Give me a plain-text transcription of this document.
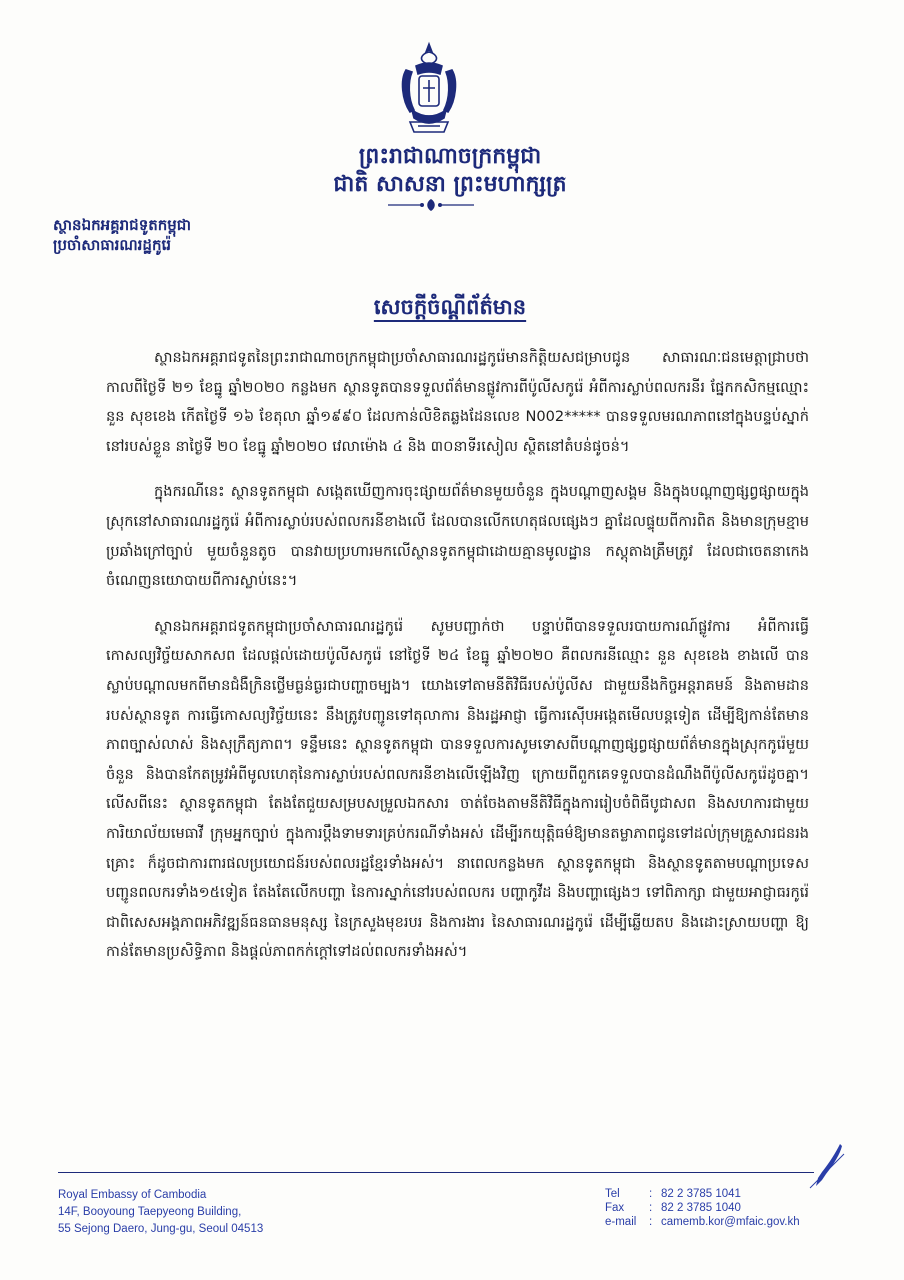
ព្រះរាជាណាចក្រកម្ពុជា
ជាតិ សាសនា ព្រះមហាក្សត្រ
ស្ថានឯកអគ្គរាជទូតកម្ពុជា
ប្រចាំសាធារណរដ្ឋកូរ៉េ
សេចក្ដីចំណ្ដីព័ត៌មាន

ស្ថានឯកអគ្គរាជទូតនៃព្រះរាជាណាចក្រកម្ពុជាប្រចាំសាធារណរដ្ឋកូរ៉េមានកិត្តិយសជម្រាបជូន សាធារណៈជនមេត្តាជ្រាបថា កាលពីថ្ងៃទី ២១ ខែធ្នូ ឆ្នាំ២០២០ កន្លងមក ស្ថានទូតបានទទួលព័ត៌មានផ្លូវការពីប៉ូលីសកូរ៉េ អំពីការស្លាប់ពលករនីរ ផ្នែកកសិកម្មឈ្មោះ នួន សុខខេង កើតថ្ងៃទី ១៦ ខែតុលា ឆ្នាំ១៩៩០ ដែលកាន់លិខិតឆ្លងដែនលេខ N002***** បានទទួលមរណភាពនៅក្នុងបន្ទប់ស្នាក់នៅរបស់ខ្លួន នាថ្ងៃទី ២០ ខែធ្នូ ឆ្នាំ២០២០ វេលាម៉ោង ៤ និង ៣០នាទីរសៀល ស្ថិតនៅតំបន់ផូចន់។

ក្នុងករណីនេះ ស្ថានទូតកម្ពុជា សង្កេតឃើញការចុះផ្សាយព័ត៌មានមួយចំនួន ក្នុងបណ្ដាញសង្គម និងក្នុងបណ្ដាញផ្សព្វផ្សាយក្នុងស្រុកនៅសាធារណរដ្ឋកូរ៉េ អំពីការស្លាប់របស់ពលករនីខាងលើ ដែលបានលើកហេតុផលផ្សេងៗ គ្នាដែលផ្ទុយពីការពិត និងមានក្រុមខ្មាមប្រឆាំងក្រៅច្បាប់ មួយចំនួនតូច បានវាយប្រហារមកលើស្ថានទូតកម្ពុជាដោយគ្មានមូលដ្ឋាន កស្តុតាងត្រឹមត្រូវ ដែលជាចេតនាកេងចំណេញនយោបាយពីការស្លាប់នេះ។

ស្ថានឯកអគ្គរាជទូតកម្ពុជាប្រចាំសាធារណរដ្ឋកូរ៉េ សូមបញ្ជាក់ថា បន្ទាប់ពីបានទទួលរបាយការណ៍ផ្លូវការ អំពីការធ្វើកោសល្យវិច្ច័យសាកសព ដែលផ្ដល់ដោយប៉ូលីសកូរ៉េ នៅថ្ងៃទី ២៤ ខែធ្នូ ឆ្នាំ២០២០ គឺពលករនីឈ្មោះ នួន សុខខេង ខាងលើ បានស្លាប់បណ្ដាលមកពីមានជំងឺក្រិនថ្លើមធ្ងន់ធ្ងរជាបញ្ហាចម្បង។ យោងទៅតាមនីតិវិធីរបស់ប៉ូលីស ជាមួយនឹងកិច្ចអន្តរាគមន៍ និងតាមដានរបស់ស្ថានទូត ការធ្វើកោសល្យវិច្ច័យនេះ នឹងត្រូវបញ្ជូនទៅតុលាការ និងរដ្ឋអាជ្ញា ធ្វើការស៊ើបអង្កេតមើលបន្តទៀត ដើម្បីឱ្យកាន់តែមានភាពច្បាស់លាស់ និងសុក្រឹត្យភាព។ ទន្ទឹមនេះ ស្ថានទូតកម្ពុជា បានទទួលការសូមទោសពីបណ្ដាញផ្សព្វផ្សាយព័ត៌មានក្នុងស្រុកកូរ៉េមួយចំនួន និងបានកែតម្រូវអំពីមូលហេតុនៃការស្លាប់របស់ពលករនីខាងលើឡើងវិញ ក្រោយពីពួកគេទទួលបានដំណឹងពីប៉ូលីសកូរ៉េដូចគ្នា។ លើសពីនេះ ស្ថានទូតកម្ពុជា តែងតែជួយសម្របសម្រួលឯកសារ ចាត់ចែងតាមនីតិវិធីក្នុងការរៀបចំពិធីបូជាសព និងសហការជាមួយការិយាល័យមេធាវី ក្រុមអ្នកច្បាប់ ក្នុងការប្ដឹងទាមទារគ្រប់ករណីទាំងអស់ ដើម្បីរកយុត្តិធម៌ឱ្យមានតម្លាភាពជូនទៅដល់ក្រុមគ្រួសារជនរងគ្រោះ ក៏ដូចជាការពារផលប្រយោជន៍របស់ពលរដ្ឋខ្មែរទាំងអស់។ នាពេលកន្លងមក ស្ថានទូតកម្ពុជា និងស្ថានទូតតាមបណ្ដាប្រទេសបញ្ជូនពលករទាំង១៥ទៀត តែងតែលើកបញ្ហា នៃការស្នាក់នៅរបស់ពលករ បញ្ហាកូវីដ និងបញ្ហាផ្សេងៗ ទៅពិភាក្សា ជាមួយអាជ្ញាធរកូរ៉េ ជាពិសេសអង្គភាពអភិវឌ្ឍន៍ធនធានមនុស្ស នៃក្រសួងមុខរបរ និងការងារ នៃសាធារណរដ្ឋកូរ៉េ ដើម្បីឆ្លើយតប និងដោះស្រាយបញ្ហា ឱ្យកាន់តែមានប្រសិទ្ធិភាព និងផ្ដល់ភាពកក់ក្ដៅទៅដល់ពលករទាំងអស់។

Royal Embassy of Cambodia
14F, Booyoung Taepyeong Building,
55 Sejong Daero, Jung-gu, Seoul 04513
Tel	: 82 2 3785 1041
Fax	: 82 2 3785 1040
e-mail	: camemb.kor@mfaic.gov.kh
